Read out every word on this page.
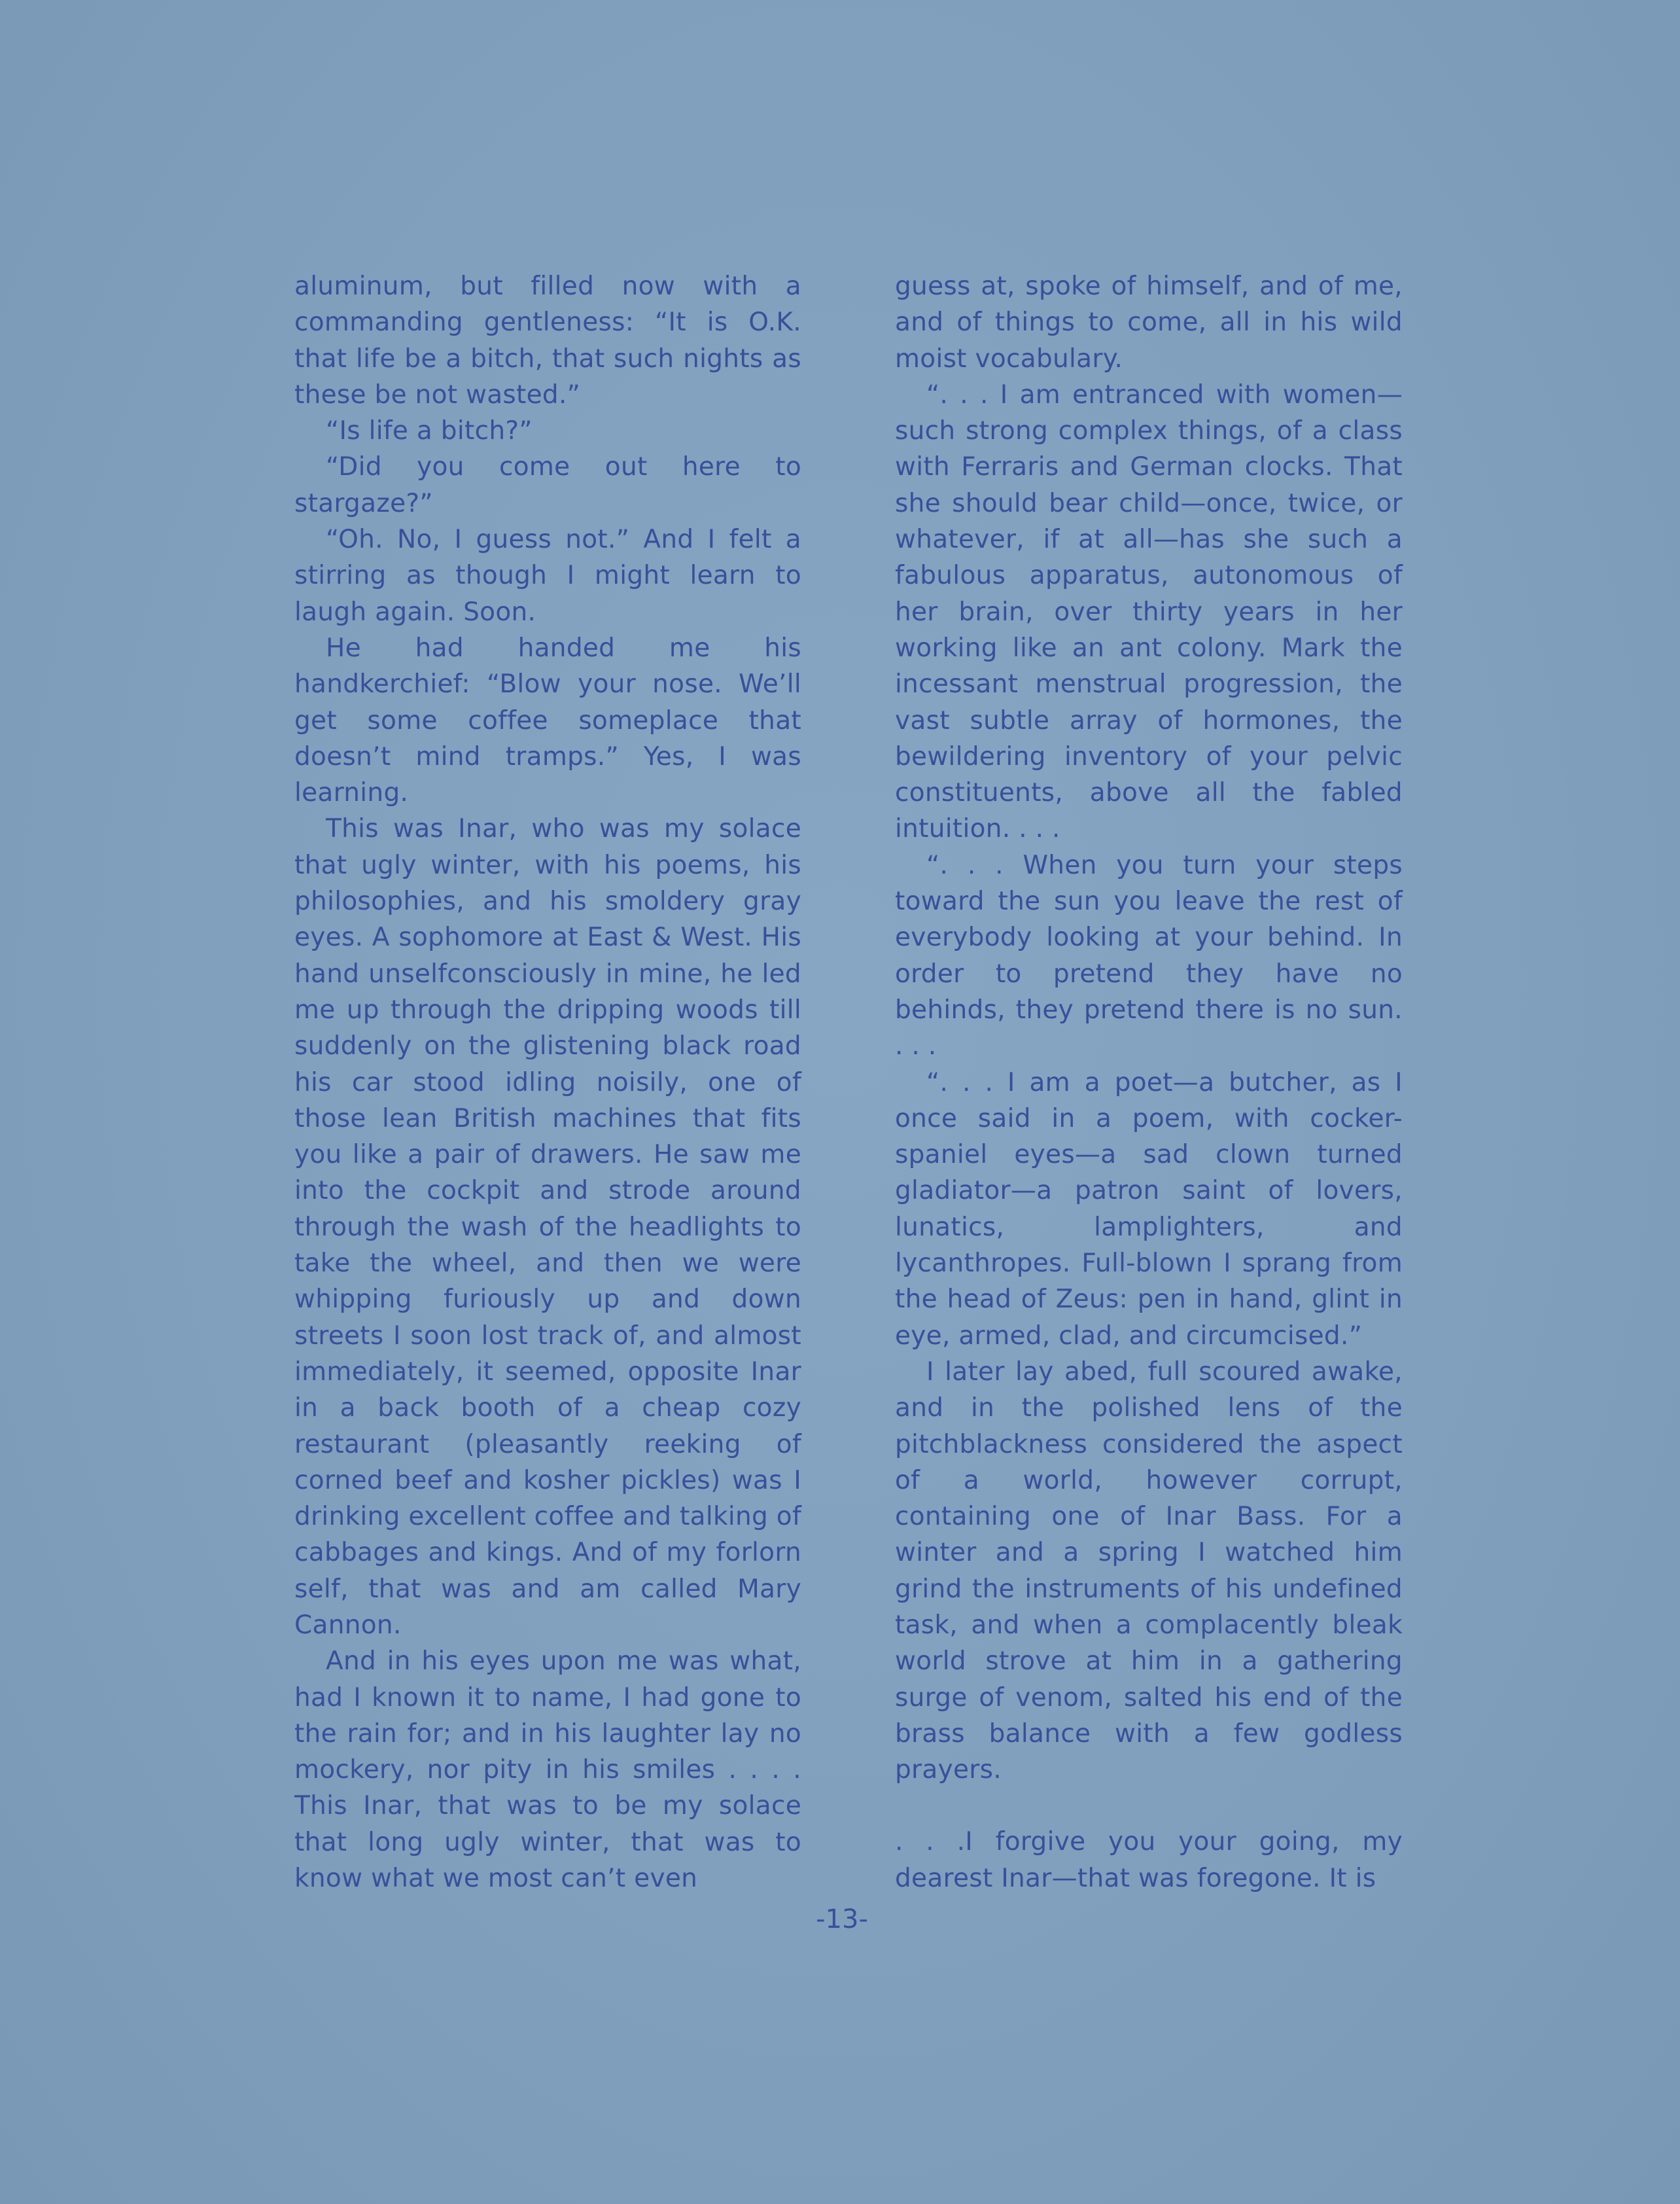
aluminum, but filled now with a commanding gentleness: “It is O.K. that life be a bitch, that such nights as these be not wasted.”

“Is life a bitch?”

“Did you come out here to stargaze?”

“Oh. No, I guess not.” And I felt a stirring as though I might learn to laugh again. Soon.

He had handed me his handkerchief: “Blow your nose. We’ll get some coffee someplace that doesn’t mind tramps.” Yes, I was learning.

This was Inar, who was my solace that ugly winter, with his poems, his philosophies, and his smoldery gray eyes. A sophomore at East & West. His hand unselfconsciously in mine, he led me up through the dripping woods till suddenly on the glistening black road his car stood idling noisily, one of those lean British machines that fits you like a pair of drawers. He saw me into the cockpit and strode around through the wash of the headlights to take the wheel, and then we were whipping furiously up and down streets I soon lost track of, and almost immediately, it seemed, opposite Inar in a back booth of a cheap cozy restaurant (pleasantly reeking of corned beef and kosher pickles) was I drinking excellent coffee and talking of cabbages and kings. And of my forlorn self, that was and am called Mary Cannon.

And in his eyes upon me was what, had I known it to name, I had gone to the rain for; and in his laughter lay no mockery, nor pity in his smiles . . . . This Inar, that was to be my solace that long ugly winter, that was to know what we most can’t even

guess at, spoke of himself, and of me, and of things to come, all in his wild moist vocabulary.

“. . . I am entranced with women—such strong complex things, of a class with Ferraris and German clocks. That she should bear child—once, twice, or whatever, if at all—has she such a fabulous apparatus, autonomous of her brain, over thirty years in her working like an ant colony. Mark the incessant menstrual progression, the vast subtle array of hormones, the bewildering inventory of your pelvic constituents, above all the fabled intuition. . . .

“. . . When you turn your steps toward the sun you leave the rest of everybody looking at your behind. In order to pretend they have no behinds, they pretend there is no sun. . . .

“. . . I am a poet—a butcher, as I once said in a poem, with cocker-spaniel eyes—a sad clown turned gladiator—a patron saint of lovers, lunatics, lamplighters, and lycanthropes. Full-blown I sprang from the head of Zeus: pen in hand, glint in eye, armed, clad, and circumcised.”

I later lay abed, full scoured awake, and in the polished lens of the pitchblackness considered the aspect of a world, however corrupt, containing one of Inar Bass. For a winter and a spring I watched him grind the instruments of his undefined task, and when a complacently bleak world strove at him in a gathering surge of venom, salted his end of the brass balance with a few godless prayers.

. . .I forgive you your going, my dearest Inar—that was foregone. It is

-13-
